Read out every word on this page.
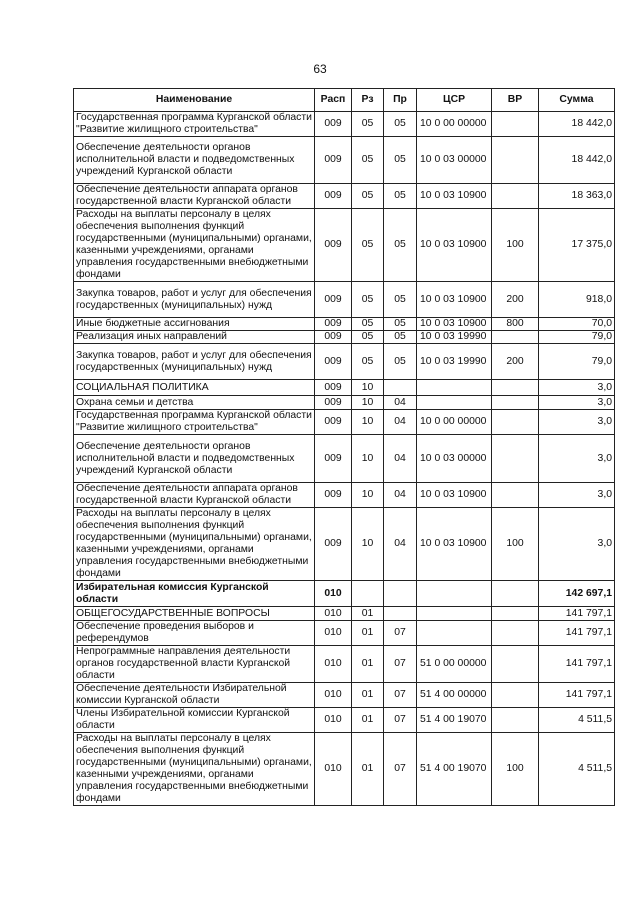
63
Наименование	Расп	Рз	Пр	ЦСР	ВР	Сумма
Государственная программа Курганской области "Развитие жилищного строительства"	009	05	05	10 0 00 00000		18 442,0
Обеспечение деятельности органов исполнительной власти и подведомственных учреждений Курганской области	009	05	05	10 0 03 00000		18 442,0
Обеспечение деятельности аппарата органов государственной власти Курганской области	009	05	05	10 0 03 10900		18 363,0
Расходы на выплаты персоналу в целях обеспечения выполнения функций государственными (муниципальными) органами, казенными учреждениями, органами управления государственными внебюджетными фондами	009	05	05	10 0 03 10900	100	17 375,0
Закупка товаров, работ и услуг для обеспечения государственных (муниципальных) нужд	009	05	05	10 0 03 10900	200	918,0
Иные бюджетные ассигнования	009	05	05	10 0 03 10900	800	70,0
Реализация иных направлений	009	05	05	10 0 03 19990		79,0
Закупка товаров, работ и услуг для обеспечения государственных (муниципальных) нужд	009	05	05	10 0 03 19990	200	79,0
СОЦИАЛЬНАЯ ПОЛИТИКА	009	10				3,0
Охрана семьи и детства	009	10	04			3,0
Государственная программа Курганской области "Развитие жилищного строительства"	009	10	04	10 0 00 00000		3,0
Обеспечение деятельности органов исполнительной власти и подведомственных учреждений Курганской области	009	10	04	10 0 03 00000		3,0
Обеспечение деятельности аппарата органов государственной власти Курганской области	009	10	04	10 0 03 10900		3,0
Расходы на выплаты персоналу в целях обеспечения выполнения функций государственными (муниципальными) органами, казенными учреждениями, органами управления государственными внебюджетными фондами	009	10	04	10 0 03 10900	100	3,0
Избирательная комиссия Курганской области	010					142 697,1
ОБЩЕГОСУДАРСТВЕННЫЕ ВОПРОСЫ	010	01				141 797,1
Обеспечение проведения выборов и референдумов	010	01	07			141 797,1
Непрограммные направления деятельности органов государственной власти Курганской области	010	01	07	51 0 00 00000		141 797,1
Обеспечение деятельности Избирательной комиссии Курганской области	010	01	07	51 4 00 00000		141 797,1
Члены Избирательной комиссии Курганской области	010	01	07	51 4 00 19070		4 511,5
Расходы на выплаты персоналу в целях обеспечения выполнения функций государственными (муниципальными) органами, казенными учреждениями, органами управления государственными внебюджетными фондами	010	01	07	51 4 00 19070	100	4 511,5
